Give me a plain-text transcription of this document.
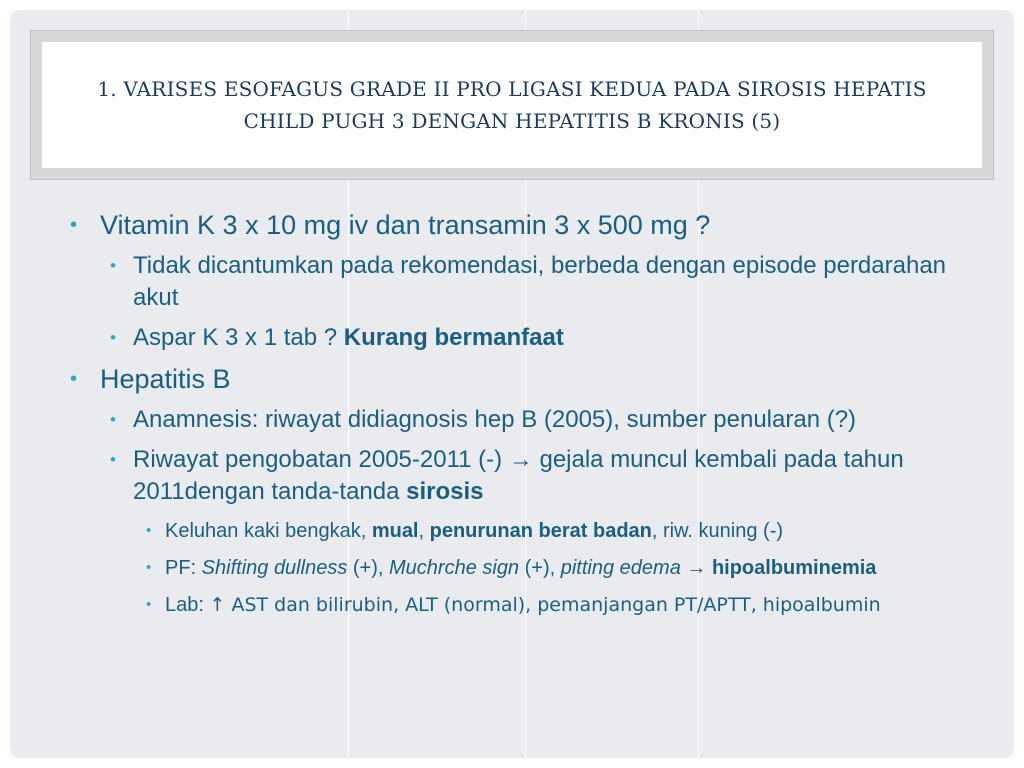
1. VARISES ESOFAGUS GRADE II PRO LIGASI KEDUA PADA SIROSIS HEPATIS CHILD PUGH 3 DENGAN HEPATITIS B KRONIS (5)
• Vitamin K 3 x 10 mg iv dan transamin 3 x 500 mg ?
• Tidak dicantumkan pada rekomendasi, berbeda dengan episode perdarahan akut
• Aspar K 3 x 1 tab ? Kurang bermanfaat
• Hepatitis B
• Anamnesis: riwayat didiagnosis hep B (2005), sumber penularan (?)
• Riwayat pengobatan 2005-2011 (-) → gejala muncul kembali pada tahun 2011dengan tanda-tanda sirosis
• Keluhan kaki bengkak, mual, penurunan berat badan, riw. kuning (-)
• PF: Shifting dullness (+), Muchrche sign (+), pitting edema → hipoalbuminemia
• Lab: ↑ AST dan bilirubin, ALT (normal), pemanjangan PT/APTT, hipoalbumin
